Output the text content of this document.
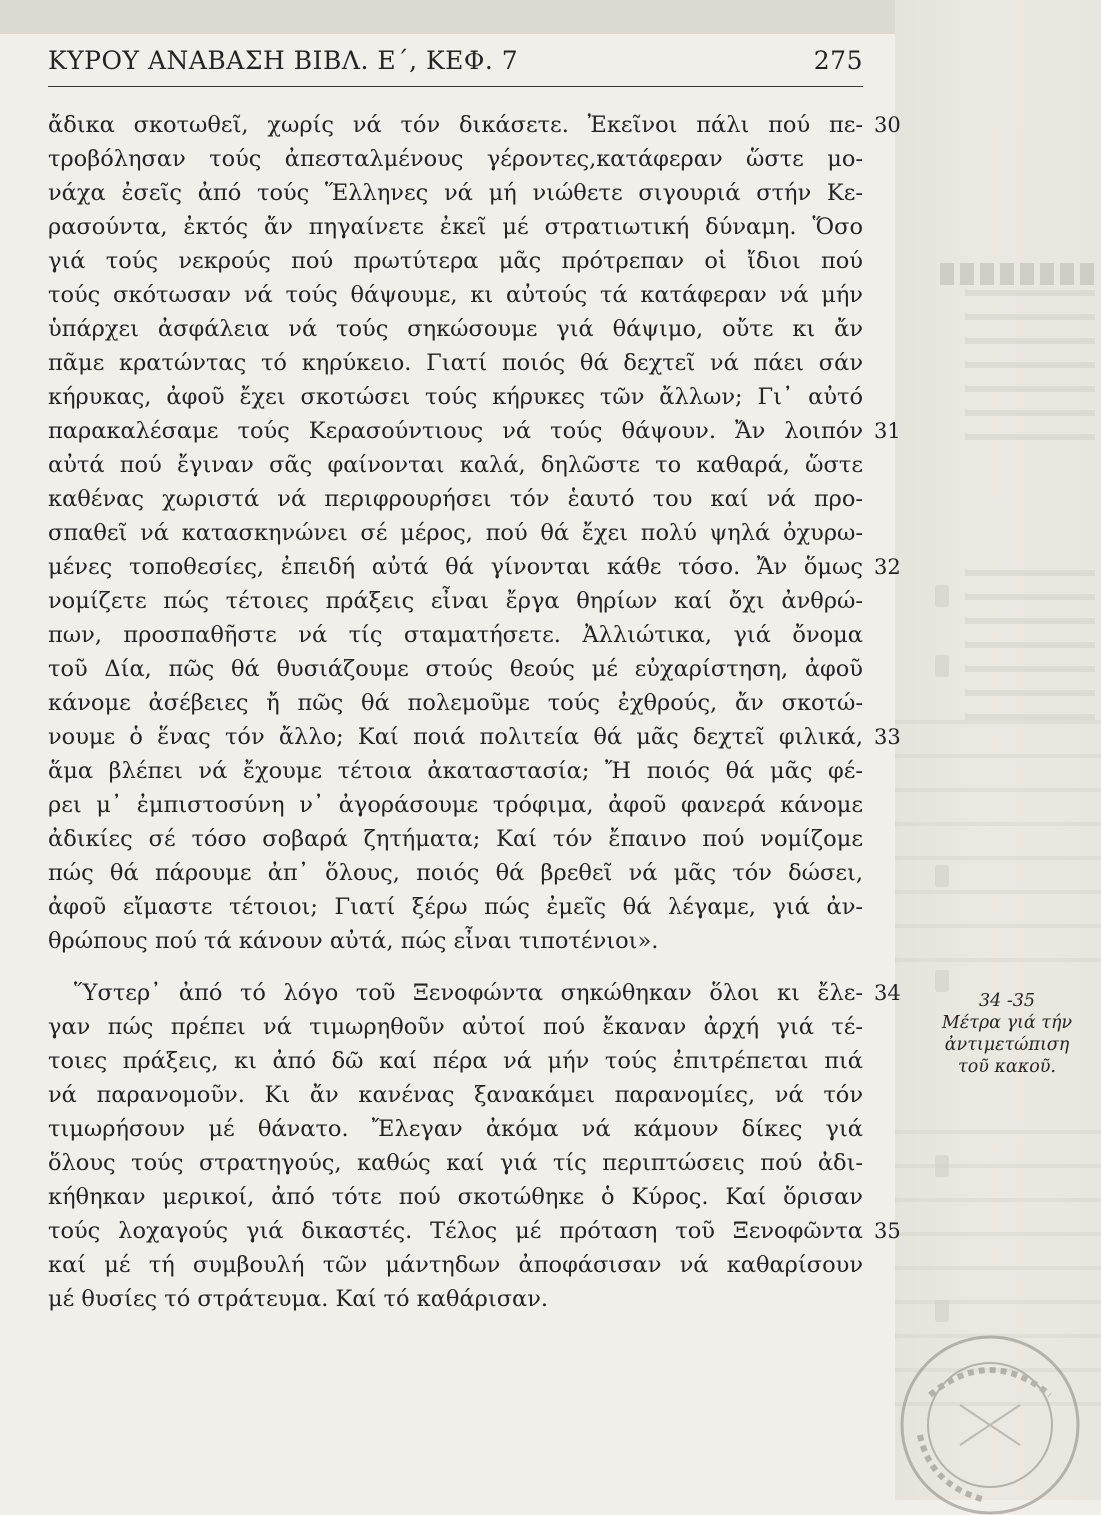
ΚΥΡΟΥ ΑΝΑΒΑΣΗ ΒΙΒΛ. Ε΄, ΚΕΦ. 7	275
ἄδικα σκοτωθεῖ, χωρίς νά τόν δικάσετε. Ἐκεῖνοι πάλι πού πε-
τροβόλησαν τούς ἀπεσταλμένους γέροντες,κατάφεραν ὥστε μο-
νάχα ἐσεῖς ἀπό τούς Ἕλληνες νά μή νιώθετε σιγουριά στήν Κε-
ρασούντα, ἐκτός ἄν πηγαίνετε ἐκεῖ μέ στρατιωτική δύναμη. Ὅσο
γιά τούς νεκρούς πού πρωτύτερα μᾶς πρότρεπαν οἱ ἴδιοι πού
τούς σκότωσαν νά τούς θάψουμε, κι αὐτούς τά κατάφεραν νά μήν
ὑπάρχει ἀσφάλεια νά τούς σηκώσουμε γιά θάψιμο, οὔτε κι ἄν
πᾶμε κρατώντας τό κηρύκειο. Γιατί ποιός θά δεχτεῖ νά πάει σάν
κήρυκας, ἀφοῦ ἔχει σκοτώσει τούς κήρυκες τῶν ἄλλων; Γι᾿ αὐτό
παρακαλέσαμε τούς Κερασούντιους νά τούς θάψουν. Ἄν λοιπόν
αὐτά πού ἔγιναν σᾶς φαίνονται καλά, δηλῶστε το καθαρά, ὥστε
καθένας χωριστά νά περιφρουρήσει τόν ἑαυτό του καί νά προ-
σπαθεῖ νά κατασκηνώνει σέ μέρος, πού θά ἔχει πολύ ψηλά ὀχυρω-
μένες τοποθεσίες, ἐπειδή αὐτά θά γίνονται κάθε τόσο. Ἄν ὅμως
νομίζετε πώς τέτοιες πράξεις εἶναι ἔργα θηρίων καί ὄχι ἀνθρώ-
πων, προσπαθῆστε νά τίς σταματήσετε. Ἀλλιώτικα, γιά ὄνομα
τοῦ Δία, πῶς θά θυσιάζουμε στούς θεούς μέ εὐχαρίστηση, ἀφοῦ
κάνομε ἀσέβειες ἤ πῶς θά πολεμοῦμε τούς ἐχθρούς, ἄν σκοτώ-
νουμε ὁ ἕνας τόν ἄλλο; Καί ποιά πολιτεία θά μᾶς δεχτεῖ φιλικά,
ἅμα βλέπει νά ἔχουμε τέτοια ἀκαταστασία; Ἤ ποιός θά μᾶς φέ-
ρει μ᾿ ἐμπιστοσύνη ν᾿ ἀγοράσουμε τρόφιμα, ἀφοῦ φανερά κάνομε
ἀδικίες σέ τόσο σοβαρά ζητήματα; Καί τόν ἔπαινο πού νομίζομε
πώς θά πάρουμε ἀπ᾿ ὅλους, ποιός θά βρεθεῖ νά μᾶς τόν δώσει,
ἀφοῦ εἴμαστε τέτοιοι; Γιατί ξέρω πώς ἐμεῖς θά λέγαμε, γιά ἀν-
θρώπους πού τά κάνουν αὐτά, πώς εἶναι τιποτένιοι».
Ὕστερ᾿ ἀπό τό λόγο τοῦ Ξενοφώντα σηκώθηκαν ὅλοι κι ἔλε-
γαν πώς πρέπει νά τιμωρηθοῦν αὐτοί πού ἔκαναν ἀρχή γιά τέ-
τοιες πράξεις, κι ἀπό δῶ καί πέρα νά μήν τούς ἐπιτρέπεται πιά
νά παρανομοῦν. Κι ἄν κανένας ξανακάμει παρανομίες, νά τόν
τιμωρήσουν μέ θάνατο. Ἔλεγαν ἀκόμα νά κάμουν δίκες γιά
ὅλους τούς στρατηγούς, καθώς καί γιά τίς περιπτώσεις πού ἀδι-
κήθηκαν μερικοί, ἀπό τότε πού σκοτώθηκε ὁ Κύρος. Καί ὅρισαν
τούς λοχαγούς γιά δικαστές. Τέλος μέ πρόταση τοῦ Ξενοφῶντα
καί μέ τή συμβουλή τῶν μάντηδων ἀποφάσισαν νά καθαρίσουν
μέ θυσίες τό στράτευμα. Καί τό καθάρισαν.
30
31
32
33
34
35
34 -35
Μέτρα γιά τήν
ἀντιμετώπιση
τοῦ κακοῦ.
